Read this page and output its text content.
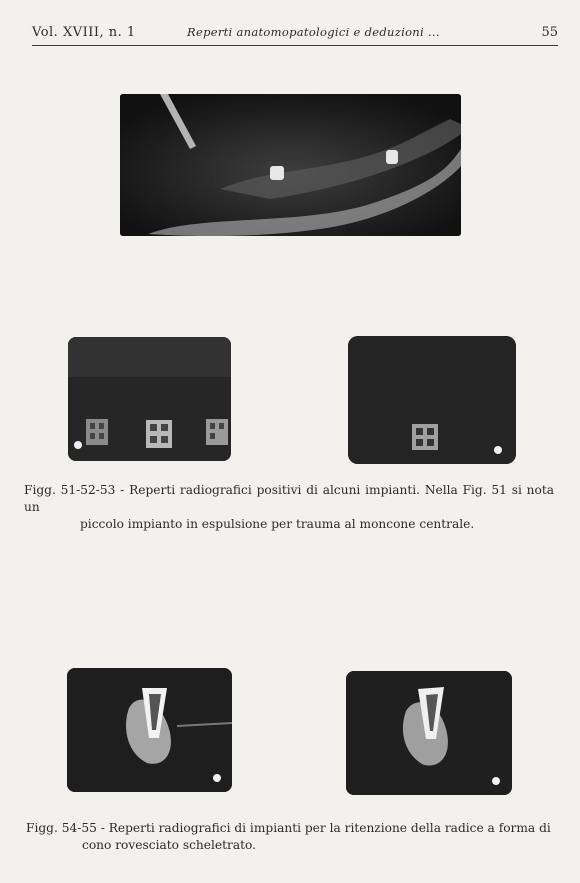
Vol. XVIII, n. 1	Reperti anatomopatologici e deduzioni ...	55
Figg. 51-52-53 - Reperti radiografici positivi di alcuni impianti. Nella Fig. 51 si nota un
piccolo impianto in espulsione per trauma al moncone centrale.
Figg. 54-55 - Reperti radiografici di impianti per la ritenzione della radice a forma di
cono rovesciato scheletrato.
